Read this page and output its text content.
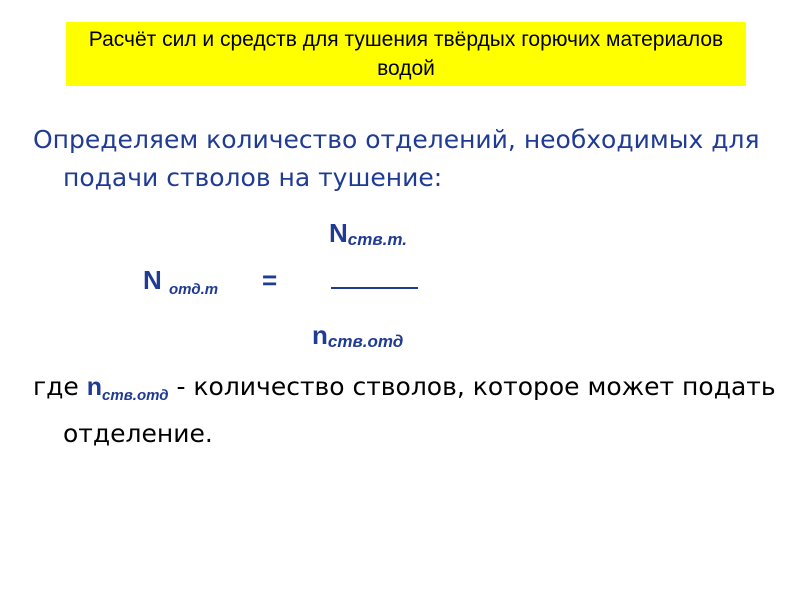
Расчёт сил и средств для тушения твёрдых горючих материалов водой

Определяем количество отделений, необходимых для подачи стволов на тушение:

Nств.т.
N отд.т =
nств.отд

где $n_{ств.отд}$ - количество стволов, которое может подать отделение.
